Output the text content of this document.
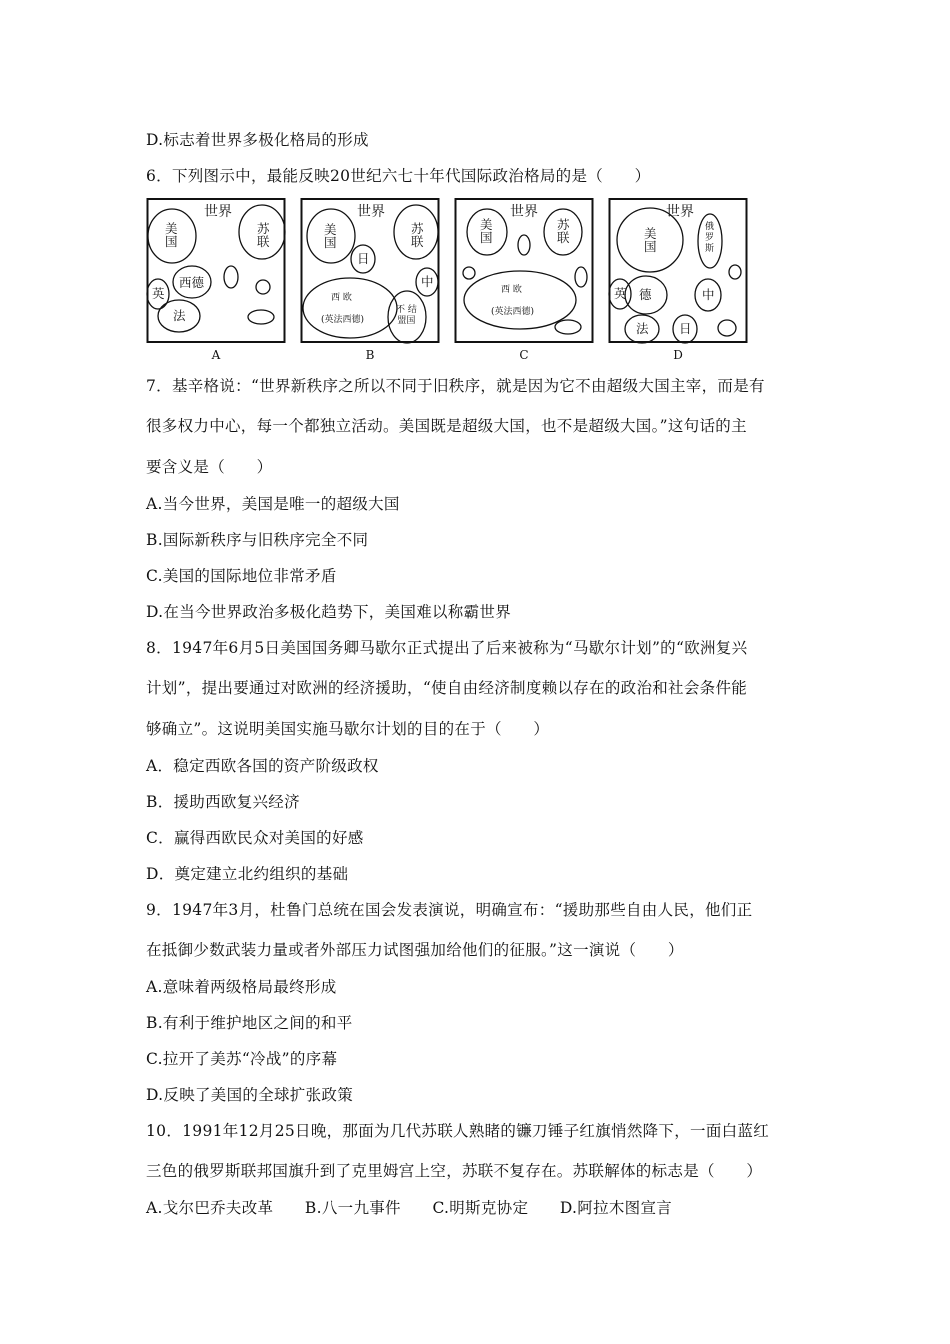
D.标志着世界多极化格局的形成
6．下列图示中，最能反映20世纪六七十年代国际政治格局的是（　　）
世界
美
国
苏
联
西德
英
法
A
世界
美
国
苏
联
日
西 欧
(英法西德)
中
不 结
盟国
B
世界
美
国
苏
联
西 欧
(英法西德)
C
世界
美
国
俄
罗
斯
英 德	中
法 日
D
7．基辛格说：“世界新秩序之所以不同于旧秩序，就是因为它不由超级大国主宰，而是有
很多权力中心，每一个都独立活动。美国既是超级大国，也不是超级大国。”这句话的主
要含义是（　　）
A.当今世界，美国是唯一的超级大国
B.国际新秩序与旧秩序完全不同
C.美国的国际地位非常矛盾
D.在当今世界政治多极化趋势下，美国难以称霸世界
8．1947年6月5日美国国务卿马歇尔正式提出了后来被称为“马歇尔计划”的“欧洲复兴
计划”，提出要通过对欧洲的经济援助，“使自由经济制度赖以存在的政治和社会条件能
够确立”。这说明美国实施马歇尔计划的目的在于（　　）
A．稳定西欧各国的资产阶级政权
B．援助西欧复兴经济
C．赢得西欧民众对美国的好感
D．奠定建立北约组织的基础
9．1947年3月，杜鲁门总统在国会发表演说，明确宣布：“援助那些自由人民，他们正
在抵御少数武装力量或者外部压力试图强加给他们的征服。”这一演说（　　）
A.意味着两级格局最终形成
B.有利于维护地区之间的和平
C.拉开了美苏“冷战”的序幕
D.反映了美国的全球扩张政策
10．1991年12月25日晚，那面为几代苏联人熟睹的镰刀锤子红旗悄然降下，一面白蓝红
三色的俄罗斯联邦国旗升到了克里姆宫上空，苏联不复存在。苏联解体的标志是（　　）
A.戈尔巴乔夫改革　　B.八一九事件　　C.明斯克协定　　D.阿拉木图宣言
